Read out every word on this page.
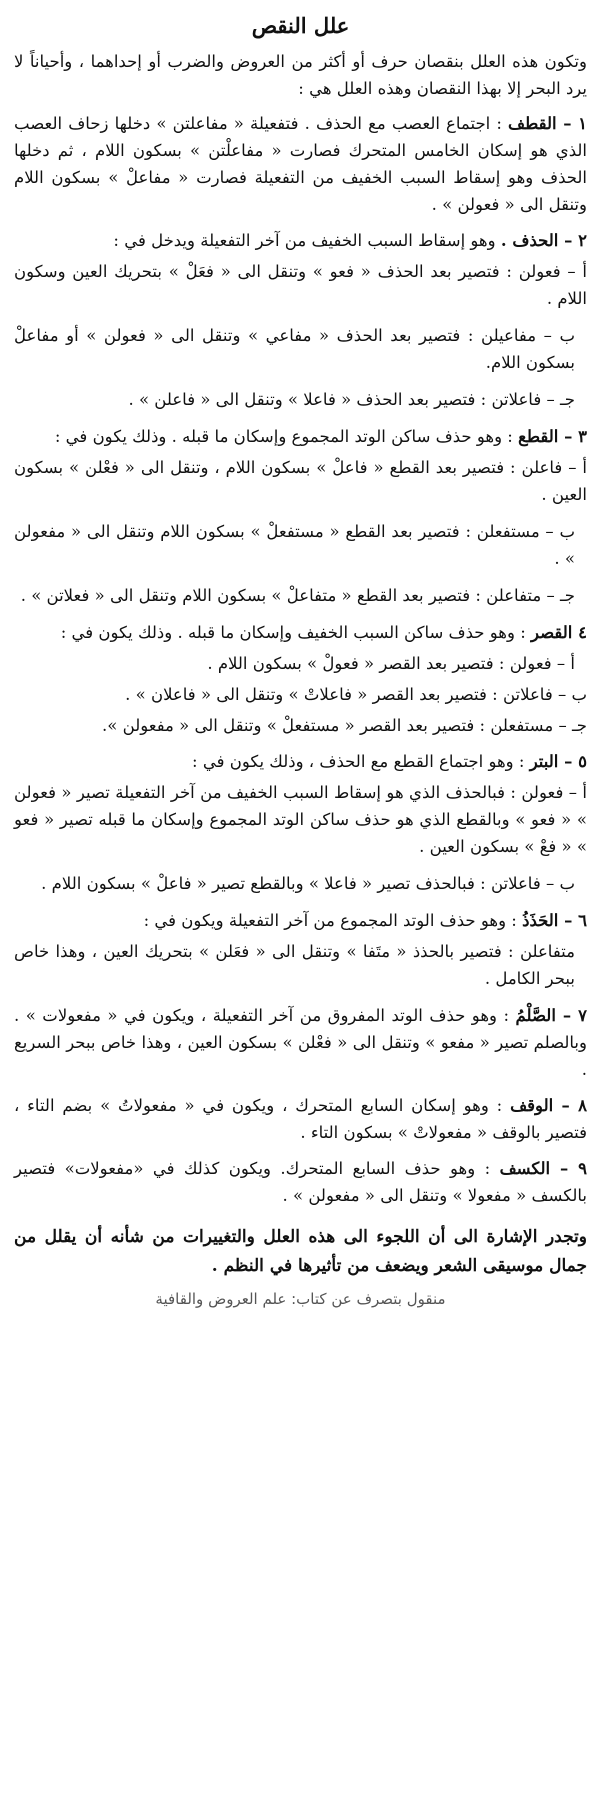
علل النقص
وتكون هذه العلل بنقصان حرف أو أكثر من العروض والضرب أو إحداهما ، وأحياناً لا يرد البحر إلا بهذا النقصان وهذه العلل هي :
١ – القطف : اجتماع العصب مع الحذف . فتفعيلة « مفاعلتن » دخلها زحاف العصب الذي هو إسكان الخامس المتحرك فصارت « مفاعلْتن » بسكون اللام ، ثم دخلها الحذف وهو إسقاط السبب الخفيف من التفعيلة فصارت « مفاعلْ » بسكون اللام وتنقل الى « فعولن » .
٢ – الحذف . وهو إسقاط السبب الخفيف من آخر التفعيلة ويدخل في :
أ – فعولن : فتصير بعد الحذف « فعو » وتنقل الى « فعَلْ » بتحريك العين وسكون اللام .
ب – مفاعيلن : فتصير بعد الحذف « مفاعي » وتنقل الى « فعولن » أو مفاعلْ بسكون اللام.
جـ – فاعلاتن : فتصير بعد الحذف « فاعلا » وتنقل الى « فاعلن » .
٣ – القطع : وهو حذف ساكن الوتد المجموع وإسكان ما قبله . وذلك يكون في :
أ – فاعلن : فتصير بعد القطع « فاعلْ » بسكون اللام ، وتنقل الى « فعْلن » بسكون العين .
ب – مستفعلن : فتصير بعد القطع « مستفعلْ » بسكون اللام وتنقل الى « مفعولن » .
جـ – متفاعلن : فتصير بعد القطع « متفاعلْ » بسكون اللام وتنقل الى « فعلاتن » .
٤ القصر : وهو حذف ساكن السبب الخفيف وإسكان ما قبله . وذلك يكون في :
أ – فعولن : فتصير بعد القصر « فعولْ » بسكون اللام .
ب – فاعلاتن : فتصير بعد القصر « فاعلاتْ » وتنقل الى « فاعلان » .
جـ – مستفعلن : فتصير بعد القصر « مستفعلْ » وتنقل الى « مفعولن ».
٥ – البتر : وهو اجتماع القطع مع الحذف ، وذلك يكون في :
أ – فعولن : فبالحذف الذي هو إسقاط السبب الخفيف من آخر التفعيلة تصير « فعولن » « فعو » وبالقطع الذي هو حذف ساكن الوتد المجموع وإسكان ما قبله تصير « فعو » « فعْ » بسكون العين .
ب – فاعلاتن : فبالحذف تصير « فاعلا » وبالقطع تصير « فاعلْ » بسكون اللام .
٦ – الحَذَذُ : وهو حذف الوتد المجموع من آخر التفعيلة ويكون في :
متفاعلن : فتصير بالحذذ « متَفا » وتنقل الى « فعَلن » بتحريك العين ، وهذا خاص ببحر الكامل .
٧ – الصَّلْمُ : وهو حذف الوتد المفروق من آخر التفعيلة ، ويكون في « مفعولات » . وبالصلم تصير « مفعو » وتنقل الى « فعْلن » بسكون العين ، وهذا خاص ببحر السريع .
٨ – الوقف : وهو إسكان السابع المتحرك ، ويكون في « مفعولاتُ » بضم التاء ، فتصير بالوقف « مفعولاتْ » بسكون التاء .
٩ – الكسف : وهو حذف السابع المتحرك. ويكون كذلك في «مفعولات» فتصير بالكسف « مفعولا » وتنقل الى « مفعولن » .
وتجدر الإشارة الى أن اللجوء الى هذه العلل والتغييرات من شأنه أن يقلل من جمال موسيقى الشعر ويضعف من تأثيرها في النظم .
منقول بتصرف عن كتاب: علم العروض والقافية
